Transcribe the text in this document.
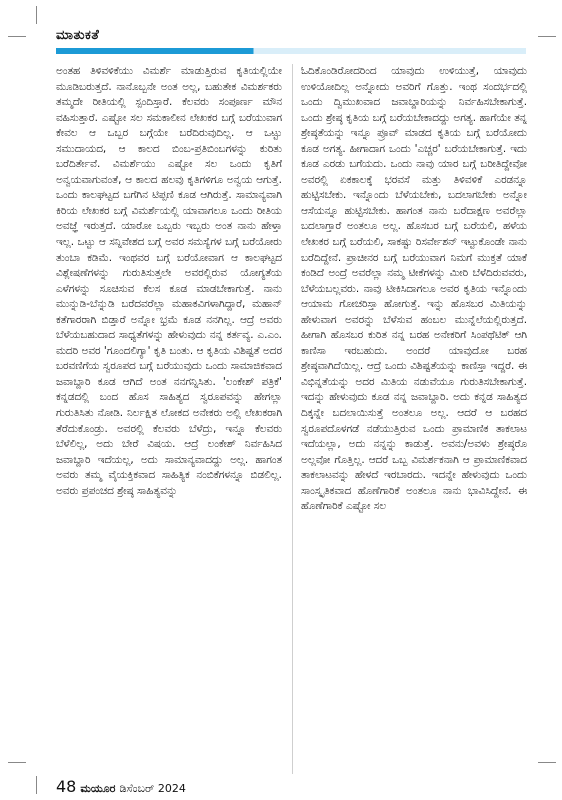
ಮಾತುಕತೆ
ಅಂತಹ ತಿಳಿವಳಿಕೆಯು ವಿಮರ್ಶೆ ಮಾಡುತ್ತಿರುವ ಕೃತಿಯಲ್ಲಿಯೇ ಮೂಡಿಬರುತ್ತದೆ. ನಾನೊಬ್ಬನೇ ಅಂತ ಅಲ್ಲ, ಬಹುತೇಕ ವಿಮರ್ಶಕರು ತಮ್ಮದೇ ರೀತಿಯಲ್ಲಿ ಸ್ಪಂದಿಸ್ತಾರೆ. ಕೆಲವರು ಸಂಪೂರ್ಣ ಮೌನ ವಹಿಸುತ್ತಾರೆ. ಎಷ್ಟೋ ಸಲ ಸಮಕಾಲೀನ ಲೇಖಕರ ಬಗ್ಗೆ ಬರೆಯುವಾಗ ಕೇವಲ ಆ ಒಬ್ಬರ ಬಗ್ಗೆಯೇ ಬರೆದಿರುವುದಿಲ್ಲ. ಆ ಒಟ್ಟು ಸಮುದಾಯದ, ಆ ಕಾಲದ ಬಿಂಬ-ಪ್ರತಿಬಿಂಬಗಳನ್ನು ಕುರಿತು ಬರೆದಿರ್ತೇವೆ. ವಿಮರ್ಶೆಯು ಎಷ್ಟೋ ಸಲ ಒಂದು ಕೃತಿಗೆ ಅನ್ವಯವಾಗುವಂತೆ, ಆ ಕಾಲದ ಹಲವು ಕೃತಿಗಳಿಗೂ ಅನ್ವಯ ಆಗುತ್ತೆ. ಒಂದು ಕಾಲಘಟ್ಟದ ಬಗೆಗಿನ ಟಿಪ್ಪಣಿ ಕೂಡ ಆಗಿರುತ್ತೆ. ಸಾಮಾನ್ಯವಾಗಿ ಕಿರಿಯ ಲೇಖಕರ ಬಗ್ಗೆ ವಿಮರ್ಶೆಯಲ್ಲಿ ಯಾವಾಗಲೂ ಒಂದು ರೀತಿಯ ಅವಜ್ಞೆ ಇರುತ್ತದೆ. ಯಾರೋ ಒಬ್ಬರು ಇಬ್ಬರು ಅಂತ ನಾನು ಹೇಳ್ತಾ ಇಲ್ಲ. ಒಟ್ಟು ಆ ಸನ್ನಿವೇಶದ ಬಗ್ಗೆ ಅವರ ಸಮಸ್ಯೆಗಳ ಬಗ್ಗೆ ಬರೆಯೋರು ತುಂಬಾ ಕಡಿಮೆ. ಇಂಥವರ ಬಗ್ಗೆ ಬರೆಯೋವಾಗ ಆ ಕಾಲಘಟ್ಟದ ವಿಶ್ಲೇಷಣೆಗಳನ್ನು ಗುರುತಿಸುತ್ತಲೇ ಅವರಲ್ಲಿರುವ ಯೋಗ್ಯತೆಯ ಎಳೆಗಳನ್ನು ಸೂಚಿಸುವ ಕೆಲಸ ಕೂಡ ಮಾಡಬೇಕಾಗುತ್ತೆ. ನಾನು ಮುನ್ನುಡಿ-ಬೆನ್ನುಡಿ ಬರೆದವರೆಲ್ಲಾ ಮಹಾಕವಿಗಳಾಗಿದ್ದಾರೆ, ಮಹಾನ್ ಕತೆಗಾರರಾಗಿ ಬಿಡ್ತಾರೆ ಅನ್ನೋ ಭ್ರಮೆ ಕೂಡ ನನಗಿಲ್ಲ. ಆದ್ರೆ ಅವರು ಬೆಳೆಯಬಹುದಾದ ಸಾಧ್ಯತೆಗಳನ್ನು ಹೇಳುವುದು ನನ್ನ ಕರ್ತವ್ಯ. ಎ.ಎಂ. ಮದರಿ ಅವರ 'ಗೂಂದಲಿಗ್ಯಾ' ಕೃತಿ ಬಂತು. ಆ ಕೃತಿಯ ವಿಶಿಷ್ಟತೆ ಅದರ ಬರವಣಿಗೆಯ ಸ್ವರೂಪದ ಬಗ್ಗೆ ಬರೆಯುವುದು ಒಂದು ಸಾಮಾಜಿಕವಾದ ಜವಾಬ್ದಾರಿ ಕೂಡ ಆಗಿದೆ ಅಂತ ನನಗನ್ನಿಸಿತು. 'ಲಂಕೇಶ್ ಪತ್ರಿಕೆ' ಕನ್ನಡದಲ್ಲಿ ಬಂದ ಹೊಸ ಸಾಹಿತ್ಯದ ಸ್ವರೂಪವನ್ನು ಹೇಗಲ್ಲಾ ಗುರುತಿಸಿತು ನೋಡಿ. ನಿರ್ಲಕ್ಷಿತ ಲೋಕದ ಅನೇಕರು ಅಲ್ಲಿ ಲೇಖಕರಾಗಿ ತೆರೆದುಕೊಂಡ್ರು. ಅವರಲ್ಲಿ ಕೆಲವರು ಬೆಳೆದ್ರು, ಇನ್ನೂ ಕೆಲವರು ಬೆಳೆಲಿಲ್ಲ, ಅದು ಬೇರೆ ವಿಷಯ. ಆದ್ರೆ ಲಂಕೇಶ್ ನಿರ್ವಹಿಸಿದ ಜವಾಬ್ದಾರಿ ಇದೆಯಲ್ಲ, ಅದು ಸಾಮಾನ್ಯವಾದದ್ದು ಅಲ್ಲ. ಹಾಗಂತ ಅವರು ತಮ್ಮ ವೈಯಕ್ತಿಕವಾದ ಸಾಹಿತ್ಯಿಕ ನಂಬಿಕೆಗಳನ್ನೂ ಬಿಡಲಿಲ್ಲ. ಅವರು ಪ್ರಪಂಚದ ಶ್ರೇಷ್ಠ ಸಾಹಿತ್ಯವನ್ನು
ಓದಿಕೊಂಡಿರೋದರಿಂದ ಯಾವುದು ಉಳಿಯುತ್ತೆ, ಯಾವುದು ಉಳಿಯೋದಿಲ್ಲ ಅನ್ನೋದು ಅವರಿಗೆ ಗೊತ್ತು. ಇಂಥ ಸಂದರ್ಭದಲ್ಲಿ ಒಂದು ದ್ವಿಮುಖವಾದ ಜವಾಬ್ದಾರಿಯನ್ನು ನಿರ್ವಹಿಸಬೇಕಾಗುತ್ತೆ. ಒಂದು ಶ್ರೇಷ್ಠ ಕೃತಿಯ ಬಗ್ಗೆ ಬರೆಯಬೇಕಾದದ್ದು ಅಗತ್ಯ. ಹಾಗೆಯೇ ತನ್ನ ಶ್ರೇಷ್ಠತೆಯನ್ನು ಇನ್ನೂ ಪ್ರೂವ್ ಮಾಡದ ಕೃತಿಯ ಬಗ್ಗೆ ಬರೆಯೋದು ಕೂಡ ಅಗತ್ಯ. ಹೀಗಾದಾಗ ಒಂದು 'ಎಚ್ಚರ' ಬರೆಯಬೇಕಾಗುತ್ತೆ. ಇದು ಕೂಡ ಎರಡು ಬಗೆಯದು. ಒಂದು ನಾವು ಯಾರ ಬಗ್ಗೆ ಬರೀತಿದ್ದೇವೋ ಅವರಲ್ಲಿ ಏಕಕಾಲಕ್ಕೆ ಭರವಸೆ ಮತ್ತು ತಿಳಿವಳಿಕೆ ಎರಡನ್ನೂ ಹುಟ್ಟಿಸಬೇಕು. ಇನ್ನೊಂದು ಬೆಳೆಯಬೇಕು, ಬದಲಾಗಬೇಕು ಅನ್ನೋ ಆಸೆಯನ್ನೂ ಹುಟ್ಟಿಸಬೇಕು. ಹಾಗಂತ ನಾನು ಬರೆದಾಕ್ಷಣ ಅವರೆಲ್ಲಾ ಬದಲಾಗ್ತಾರೆ ಅಂತಲೂ ಅಲ್ಲ. ಹೊಸಬರ ಬಗ್ಗೆ ಬರೆಯಲಿ, ಹಳೆಯ ಲೇಖಕರ ಬಗ್ಗೆ ಬರೆಯಲಿ, ಸಾಕಷ್ಟು ರಿಸರ್ವೇಶನ್ ಇಟ್ಟುಕೊಂಡೇ ನಾನು ಬರೆದಿದ್ದೇನೆ. ಪ್ರಾಚೀನರ ಬಗ್ಗೆ ಬರೆಯುವಾಗ ನಿಮಗೆ ಮುಕ್ತತೆ ಯಾಕೆ ಕಂಡಿದೆ ಅಂದ್ರೆ ಅವರೆಲ್ಲಾ ನಮ್ಮ ಟೀಕೆಗಳನ್ನು ಮೀರಿ ಬೆಳೆದಿರುವವರು, ಬೆಳೆಯಬಲ್ಲವರು. ನಾವು ಟೀಕಿಸಿದಾಗಲೂ ಅವರ ಕೃತಿಯ ಇನ್ನೊಂದು ಆಯಾಮ ಗೋಚರಿಸ್ತಾ ಹೋಗುತ್ತೆ. ಇನ್ನು ಹೊಸಬರ ಮಿತಿಯನ್ನು ಹೇಳುವಾಗ ಅವರನ್ನು ಬೆಳೆಸುವ ಹಂಬಲ ಮುನ್ನೆಲೆಯಲ್ಲಿರುತ್ತದೆ. ಹೀಗಾಗಿ ಹೊಸಬರ ಕುರಿತ ನನ್ನ ಬರಹ ಅನೇಕರಿಗೆ ಸಿಂಪಥೆಟಿಕ್ ಆಗಿ ಕಾಣಿಸಾ ಇರಬಹುದು. ಅಂದರೆ ಯಾವುದೋ ಬರಹ ಶ್ರೇಷ್ಠವಾಗಿದೆಯಿಲ್ಲ. ಆದ್ರೆ ಒಂದು ವಿಶಿಷ್ಟತೆಯನ್ನು ಕಾಣಿಸ್ತಾ ಇದ್ದರೆ. ಈ ವಿಭಿನ್ನತೆಯನ್ನು ಅದರ ಮಿತಿಯ ನಡುವೆಯೂ ಗುರುತಿಸಬೇಕಾಗುತ್ತೆ. ಇದನ್ನು ಹೇಳುವುದು ಕೂಡ ನನ್ನ ಜವಾಬ್ದಾರಿ. ಅದು ಕನ್ನಡ ಸಾಹಿತ್ಯದ ದಿಕ್ಕನ್ನೇ ಬದಲಾಯಿಸುತ್ತೆ ಅಂತಲೂ ಅಲ್ಲ. ಆದರೆ ಆ ಬರಹದ ಸ್ವರೂಪದೊಳಗಡೆ ನಡೆಯುತ್ತಿರುವ ಒಂದು ಪ್ರಾಮಾಣಿಕ ತಾಕಲಾಟ ಇದೆಯಲ್ಲಾ, ಅದು ನನ್ನನ್ನು ಕಾಡುತ್ತೆ. ಅವನು/ಅವಳು ಶ್ರೇಷ್ಠರೊ ಅಲ್ಲವೋ ಗೊತ್ತಿಲ್ಲ. ಆದರೆ ಒಬ್ಬ ವಿಮರ್ಶಕನಾಗಿ ಆ ಪ್ರಾಮಾಣಿಕವಾದ ತಾಕಲಾಟವನ್ನು ಹೇಳದೆ ಇರಬಾರದು. ಇದನ್ನೇ ಹೇಳುವುದು ಒಂದು ಸಾಂಸ್ಕೃತಿಕವಾದ ಹೊಣೆಗಾರಿಕೆ ಅಂತಲೂ ನಾನು ಭಾವಿಸಿದ್ದೇನೆ. ಈ ಹೊಣೆಗಾರಿಕೆ ಎಷ್ಟೋ ಸಲ
48 ಮಯೂರ ಡಿಸೆಂಬರ್ 2024
